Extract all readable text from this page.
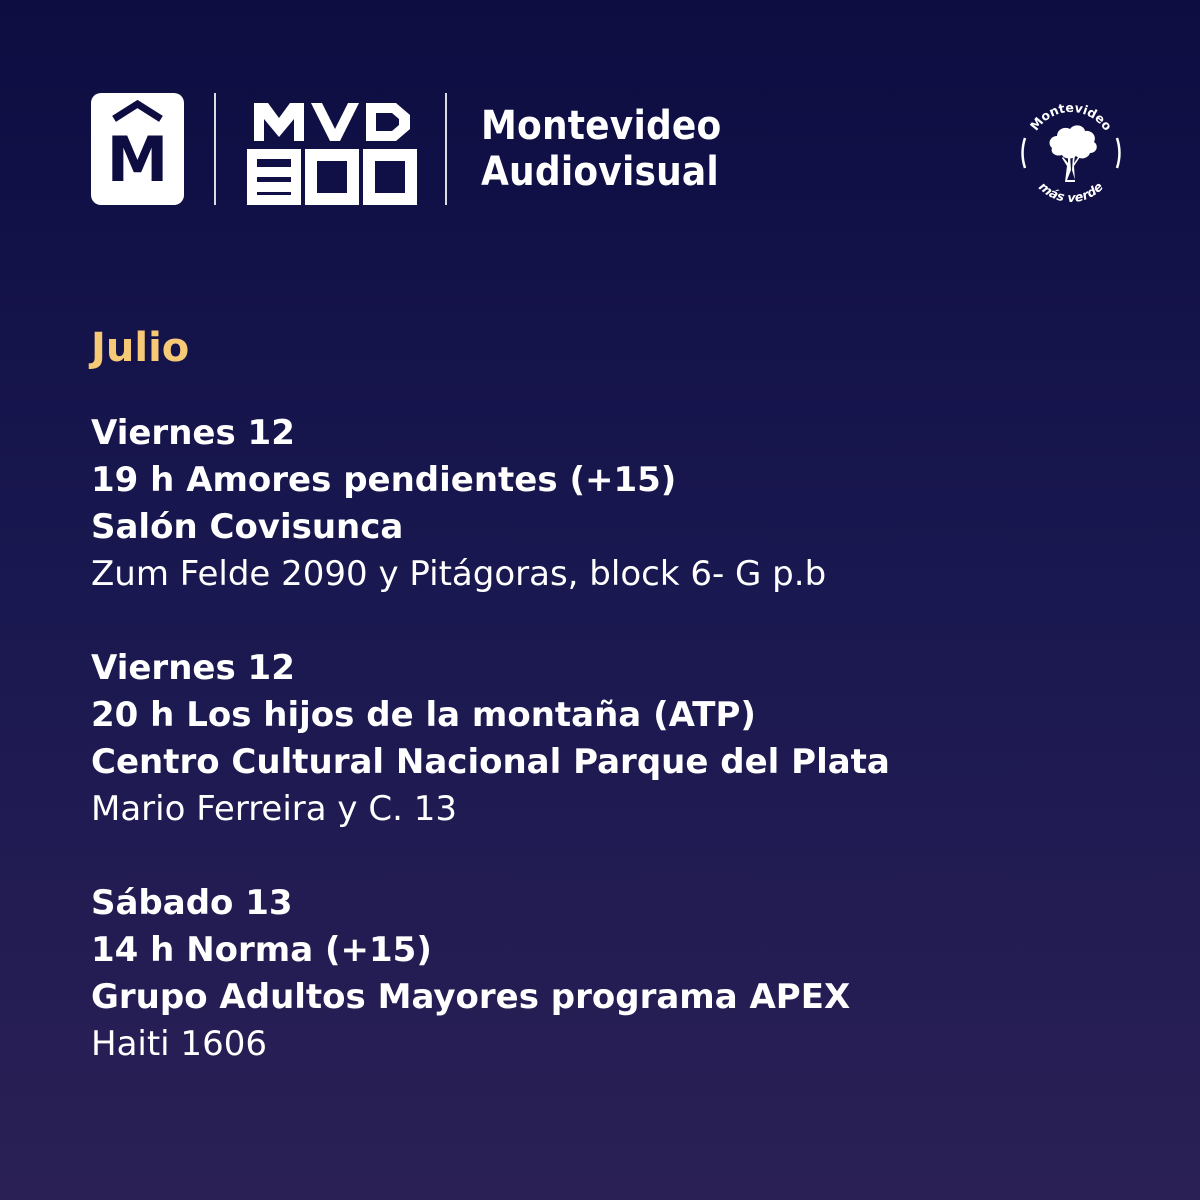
M	Montevideo
Audiovisual
Montevideo
más verde
Julio
Viernes 12
19 h Amores pendientes (+15)
Salón Covisunca
Zum Felde 2090 y Pitágoras, block 6- G p.b
Viernes 12
20 h Los hijos de la montaña (ATP)
Centro Cultural Nacional Parque del Plata
Mario Ferreira y C. 13
Sábado 13
14 h Norma (+15)
Grupo Adultos Mayores programa APEX
Haiti 1606
